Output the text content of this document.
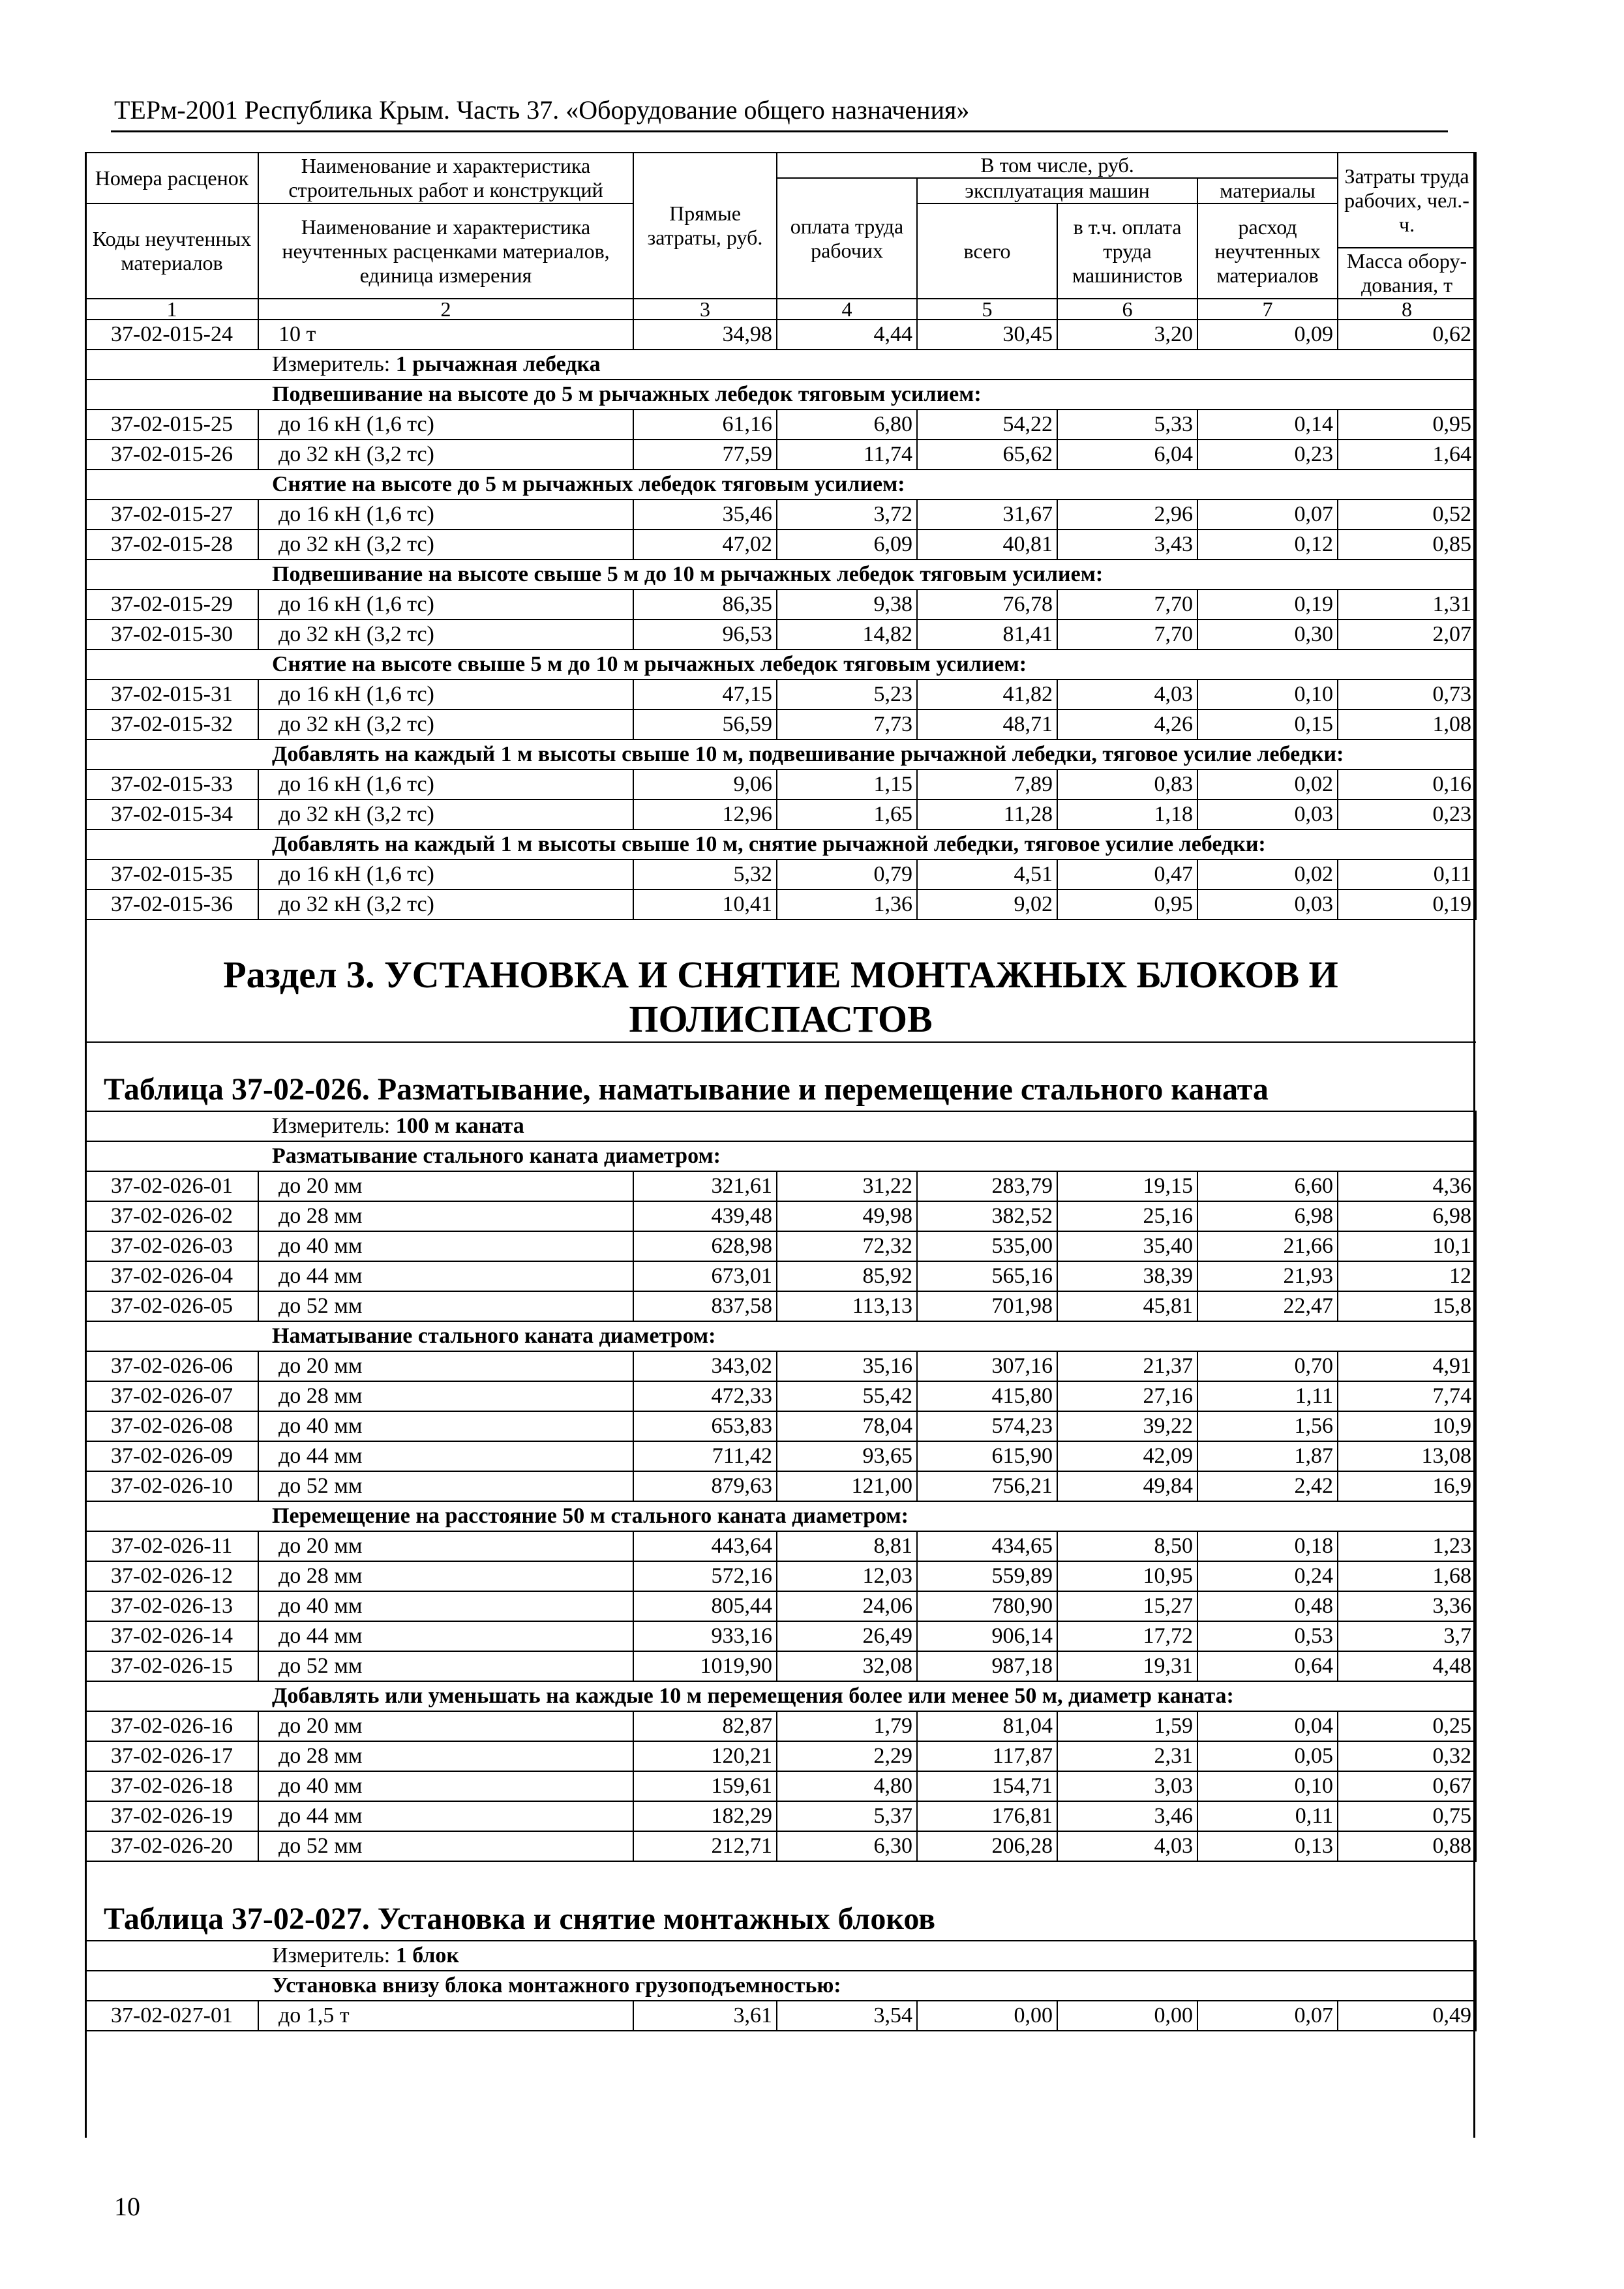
ТЕРм-2001 Республика Крым. Часть 37. «Оборудование общего назначения»
Номера расценок	Наименование и характеристика строительных работ и конструкций	Прямые затраты, руб.	В том числе, руб.				Затраты труда рабочих, чел.-ч.
			оплата труда рабочих	эксплуатация машин		материалы	
Коды неучтенных материалов	Наименование и характеристика неучтенных расценками материалов, единица измерения			всего	в т.ч. оплата труда машинистов	расход неучтенных материалов	
							Масса обору-дования, т
1	2	3	4	5	6	7	8
37-02-015-24	10 т	34,98	4,44	30,45	3,20	0,09	0,62
Измеритель: 1 рычажная лебедка							
Подвешивание на высоте до 5 м рычажных лебедок тяговым усилием:							
37-02-015-25	до 16 кН (1,6 тс)	61,16	6,80	54,22	5,33	0,14	0,95
37-02-015-26	до 32 кН (3,2 тс)	77,59	11,74	65,62	6,04	0,23	1,64
Снятие на высоте до 5 м рычажных лебедок тяговым усилием:							
37-02-015-27	до 16 кН (1,6 тс)	35,46	3,72	31,67	2,96	0,07	0,52
37-02-015-28	до 32 кН (3,2 тс)	47,02	6,09	40,81	3,43	0,12	0,85
Подвешивание на высоте свыше 5 м до 10 м рычажных лебедок тяговым усилием:							
37-02-015-29	до 16 кН (1,6 тс)	86,35	9,38	76,78	7,70	0,19	1,31
37-02-015-30	до 32 кН (3,2 тс)	96,53	14,82	81,41	7,70	0,30	2,07
Снятие на высоте свыше 5 м до 10 м рычажных лебедок тяговым усилием:							
37-02-015-31	до 16 кН (1,6 тс)	47,15	5,23	41,82	4,03	0,10	0,73
37-02-015-32	до 32 кН (3,2 тс)	56,59	7,73	48,71	4,26	0,15	1,08
Добавлять на каждый 1 м высоты свыше 10 м, подвешивание рычажной лебедки, тяговое усилие лебедки:							
37-02-015-33	до 16 кН (1,6 тс)	9,06	1,15	7,89	0,83	0,02	0,16
37-02-015-34	до 32 кН (3,2 тс)	12,96	1,65	11,28	1,18	0,03	0,23
Добавлять на каждый 1 м высоты свыше 10 м, снятие рычажной лебедки, тяговое усилие лебедки:							
37-02-015-35	до 16 кН (1,6 тс)	5,32	0,79	4,51	0,47	0,02	0,11
37-02-015-36	до 32 кН (3,2 тс)	10,41	1,36	9,02	0,95	0,03	0,19

Раздел 3. УСТАНОВКА И СНЯТИЕ МОНТАЖНЫХ БЛОКОВ И ПОЛИСПАСТОВ							

Таблица 37-02-026. Разматывание, наматывание и перемещение стального каната							

Измеритель: 100 м каната							
Разматывание стального каната диаметром:							
37-02-026-01	до 20 мм	321,61	31,22	283,79	19,15	6,60	4,36
37-02-026-02	до 28 мм	439,48	49,98	382,52	25,16	6,98	6,98
37-02-026-03	до 40 мм	628,98	72,32	535,00	35,40	21,66	10,1
37-02-026-04	до 44 мм	673,01	85,92	565,16	38,39	21,93	12
37-02-026-05	до 52 мм	837,58	113,13	701,98	45,81	22,47	15,8
Наматывание стального каната диаметром:							
37-02-026-06	до 20 мм	343,02	35,16	307,16	21,37	0,70	4,91
37-02-026-07	до 28 мм	472,33	55,42	415,80	27,16	1,11	7,74
37-02-026-08	до 40 мм	653,83	78,04	574,23	39,22	1,56	10,9
37-02-026-09	до 44 мм	711,42	93,65	615,90	42,09	1,87	13,08
37-02-026-10	до 52 мм	879,63	121,00	756,21	49,84	2,42	16,9
Перемещение на расстояние 50 м стального каната диаметром:							
37-02-026-11	до 20 мм	443,64	8,81	434,65	8,50	0,18	1,23
37-02-026-12	до 28 мм	572,16	12,03	559,89	10,95	0,24	1,68
37-02-026-13	до 40 мм	805,44	24,06	780,90	15,27	0,48	3,36
37-02-026-14	до 44 мм	933,16	26,49	906,14	17,72	0,53	3,7
37-02-026-15	до 52 мм	1019,90	32,08	987,18	19,31	0,64	4,48
Добавлять или уменьшать на каждые 10 м перемещения более или менее 50 м, диаметр каната:							
37-02-026-16	до 20 мм	82,87	1,79	81,04	1,59	0,04	0,25
37-02-026-17	до 28 мм	120,21	2,29	117,87	2,31	0,05	0,32
37-02-026-18	до 40 мм	159,61	4,80	154,71	3,03	0,10	0,67
37-02-026-19	до 44 мм	182,29	5,37	176,81	3,46	0,11	0,75
37-02-026-20	до 52 мм	212,71	6,30	206,28	4,03	0,13	0,88

Таблица 37-02-027. Установка и снятие монтажных блоков							

Измеритель: 1 блок							
Установка внизу блока монтажного грузоподъемностью:							
37-02-027-01	до 1,5 т	3,61	3,54	0,00	0,00	0,07	0,49
10
